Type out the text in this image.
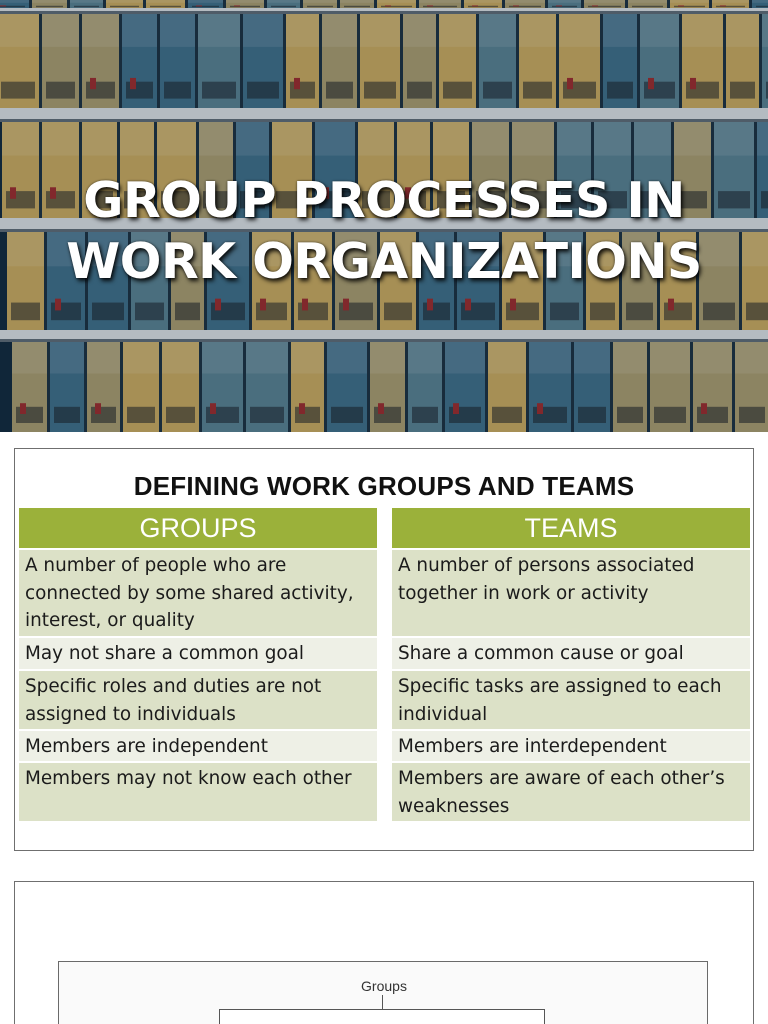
GROUP PROCESSES IN
WORK ORGANIZATIONS
DEFINING WORK GROUPS AND TEAMS
GROUPS
A number of people who are
connected by some shared activity,
interest, or quality
May not share a common goal
Specific roles and duties are not
assigned to individuals
Members are independent
Members may not know each other
TEAMS
A number of persons associated
together in work or activity
Share a common cause or goal
Specific tasks are assigned to each
individual
Members are interdependent
Members are aware of each other’s
weaknesses
Groups
